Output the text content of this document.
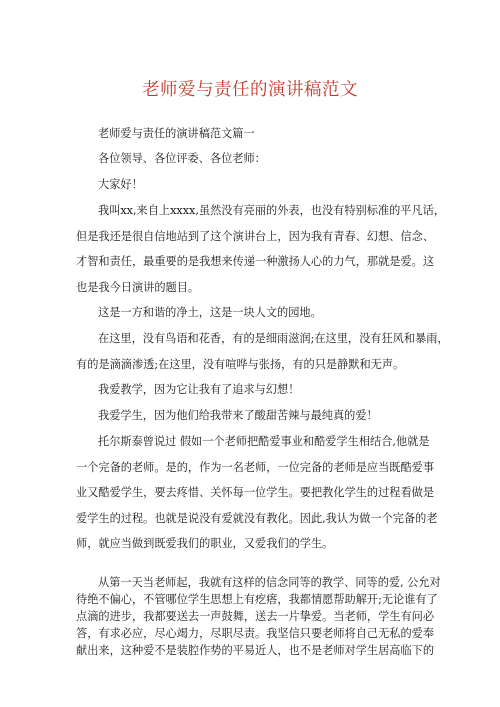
老师爱与责任的演讲稿范文
老师爱与责任的演讲稿范文篇一
各位领导、各位评委、各位老师：
大家好！
我叫xx,来自上xxxx,虽然没有亮丽的外表，也没有特别标准的平凡话，
但是我还是很自信地站到了这个演讲台上，因为我有青春、幻想、信念、
才智和责任，最重要的是我想来传递一种激扬人心的力气，那就是爱。这
也是我今日演讲的题目。
这是一方和谐的净土，这是一块人文的园地。
在这里，没有鸟语和花香，有的是细雨滋润;在这里，没有狂风和暴雨，
有的是滴滴渗透;在这里，没有喧哗与张扬，有的只是静默和无声。
我爱教学，因为它让我有了追求与幻想！
我爱学生，因为他们给我带来了酸甜苦辣与最纯真的爱！
托尔斯泰曾说过 假如一个老师把酷爱事业和酷爱学生相结合,他就是
一个完备的老师。是的，作为一名老师，一位完备的老师是应当既酷爱事
业又酷爱学生，要去疼惜、关怀每一位学生。要把教化学生的过程看做是
爱学生的过程。也就是说没有爱就没有教化。因此,我认为做一个完备的老
师，就应当做到既爱我们的职业，又爱我们的学生。
从第一天当老师起，我就有这样的信念同等的教学、同等的爱, 公允对
待绝不偏心，不管哪位学生思想上有疙瘩，我都情愿帮助解开;无论谁有了
点滴的进步，我都要送去一声鼓舞，送去一片挚爱。当老师，学生有问必
答，有求必应，尽心竭力，尽职尽责。我坚信只要老师将自己无私的爱奉
献出来，这种爱不是装腔作势的平易近人，也不是老师对学生居高临下的
